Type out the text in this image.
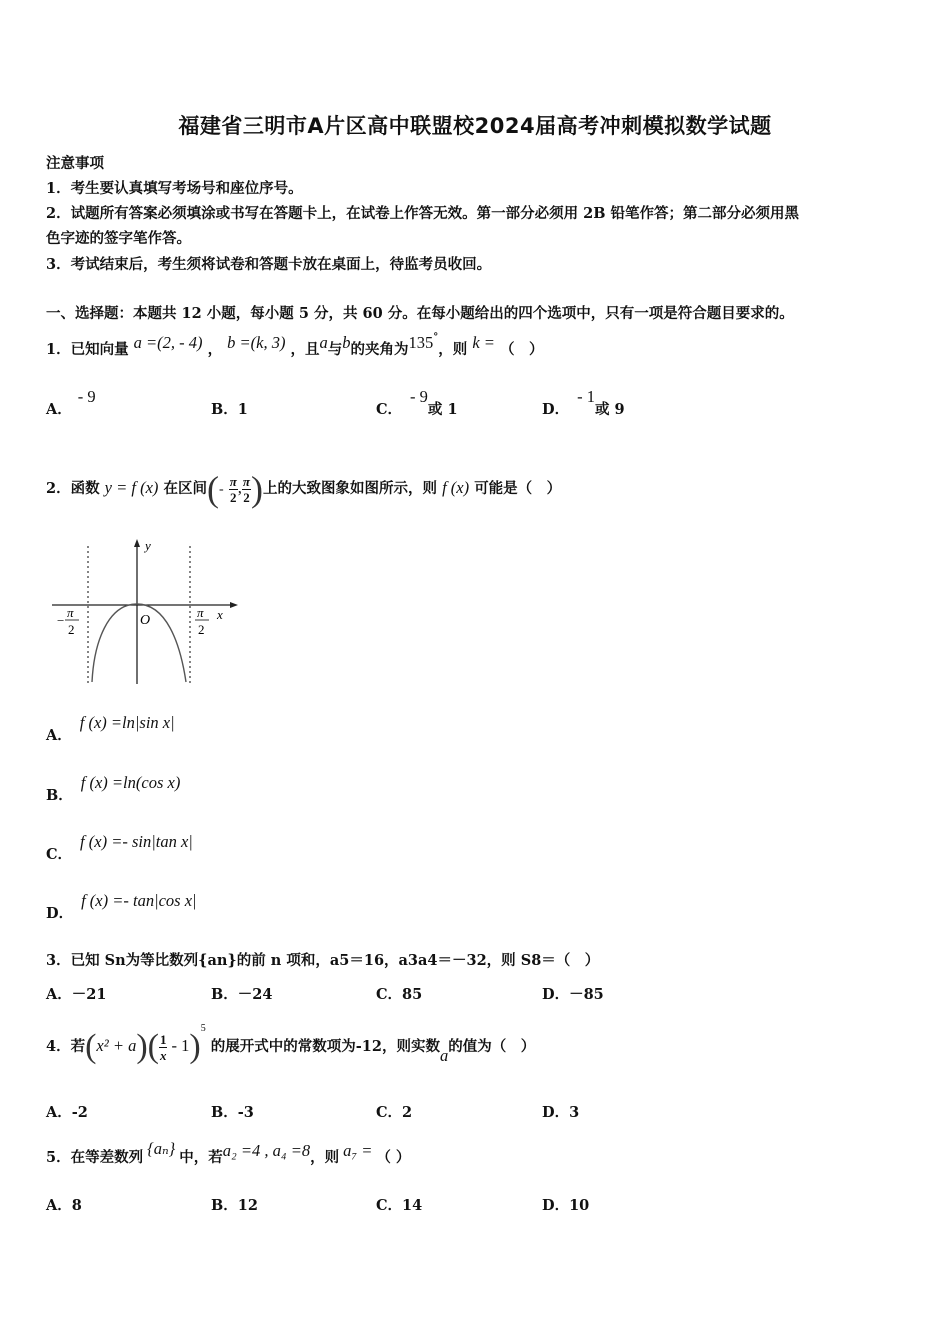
福建省三明市A片区高中联盟校2024届高考冲刺模拟数学试题
注意事项
1．考生要认真填写考场号和座位序号。
2．试题所有答案必须填涂或书写在答题卡上，在试卷上作答无效。第一部分必须用 2B 铅笔作答；第二部分必须用黑
色字迹的签字笔作答。
3．考试结束后，考生须将试卷和答题卡放在桌面上，待监考员收回。
一、选择题：本题共 12 小题，每小题 5 分，共 60 分。在每小题给出的四个选项中，只有一项是符合题目要求的。
1．已知向量 a =(2, - 4) ， b =(k, 3) ，且a与b的夹角为135°，则 k = （　）
A．- 9
B．1	C．- 9或 1	D．- 1或 9
2．函数 y = f (x) 在区间(- $\frac{\pi}{2}$ , $\frac{\pi}{2}$ )上的大致图象如图所示，则 f (x) 可能是（　）
y
x
O
−
π
2
π
2
A．f (x) =ln|sin x|
B．f (x) =ln(cos x)
C．f (x) =- sin|tan x|
D．f (x) =- tan|cos x|
3．已知 Sn为等比数列{an}的前 n 项和，a5＝16，a3a4＝－32，则 S8＝（　）
A．－21	B．－24	C．85	D．－85
4．若$(x^2 + a)( \frac{1}{x} - 1)^5$ 的展开式中的常数项为-12，则实数a的值为（　）
A．-2	B．-3	C．2	D．3
5．在等差数列 {aₙ} 中，若a₂ =4 , a₄ =8，则 a₇ = （ ）
A．8	B．12	C．14	D．10
